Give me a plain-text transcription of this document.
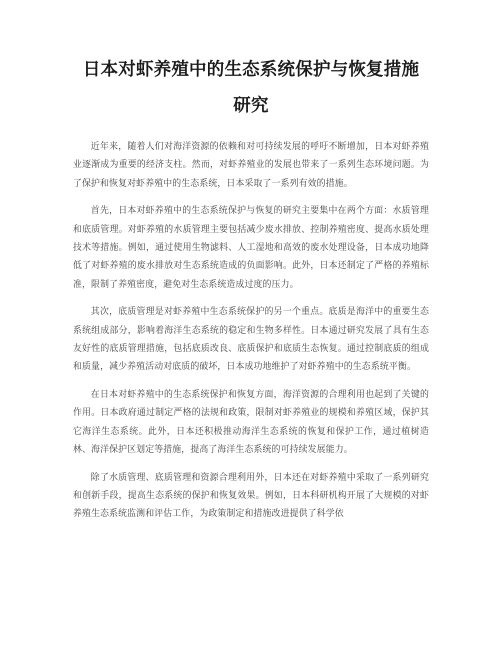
日本对虾养殖中的生态系统保护与恢复措施
研究

近年来，随着人们对海洋资源的依赖和对可持续发展的呼吁不断增加，日本对虾养殖业逐渐成为重要的经济支柱。然而，对虾养殖业的发展也带来了一系列生态环境问题。为了保护和恢复对虾养殖中的生态系统，日本采取了一系列有效的措施。

首先，日本对虾养殖中的生态系统保护与恢复的研究主要集中在两个方面：水质管理和底质管理。对虾养殖的水质管理主要包括减少废水排放、控制养殖密度、提高水质处理技术等措施。例如，通过使用生物滤料、人工湿地和高效的废水处理设备，日本成功地降低了对虾养殖的废水排放对生态系统造成的负面影响。此外，日本还制定了严格的养殖标准，限制了养殖密度，避免对生态系统造成过度的压力。

其次，底质管理是对虾养殖中生态系统保护的另一个重点。底质是海洋中的重要生态系统组成部分，影响着海洋生态系统的稳定和生物多样性。日本通过研究发展了具有生态友好性的底质管理措施，包括底质改良、底质保护和底质生态恢复。通过控制底质的组成和质量，减少养殖活动对底质的破坏，日本成功地维护了对虾养殖中的生态系统平衡。

在日本对虾养殖中的生态系统保护和恢复方面，海洋资源的合理利用也起到了关键的作用。日本政府通过制定严格的法规和政策，限制对虾养殖业的规模和养殖区域，保护其它海洋生态系统。此外，日本还积极推动海洋生态系统的恢复和保护工作，通过植树造林、海洋保护区划定等措施，提高了海洋生态系统的可持续发展能力。

除了水质管理、底质管理和资源合理利用外，日本还在对虾养殖中采取了一系列研究和创新手段，提高生态系统的保护和恢复效果。例如，日本科研机构开展了大规模的对虾养殖生态系统监测和评估工作，为政策制定和措施改进提供了科学依
